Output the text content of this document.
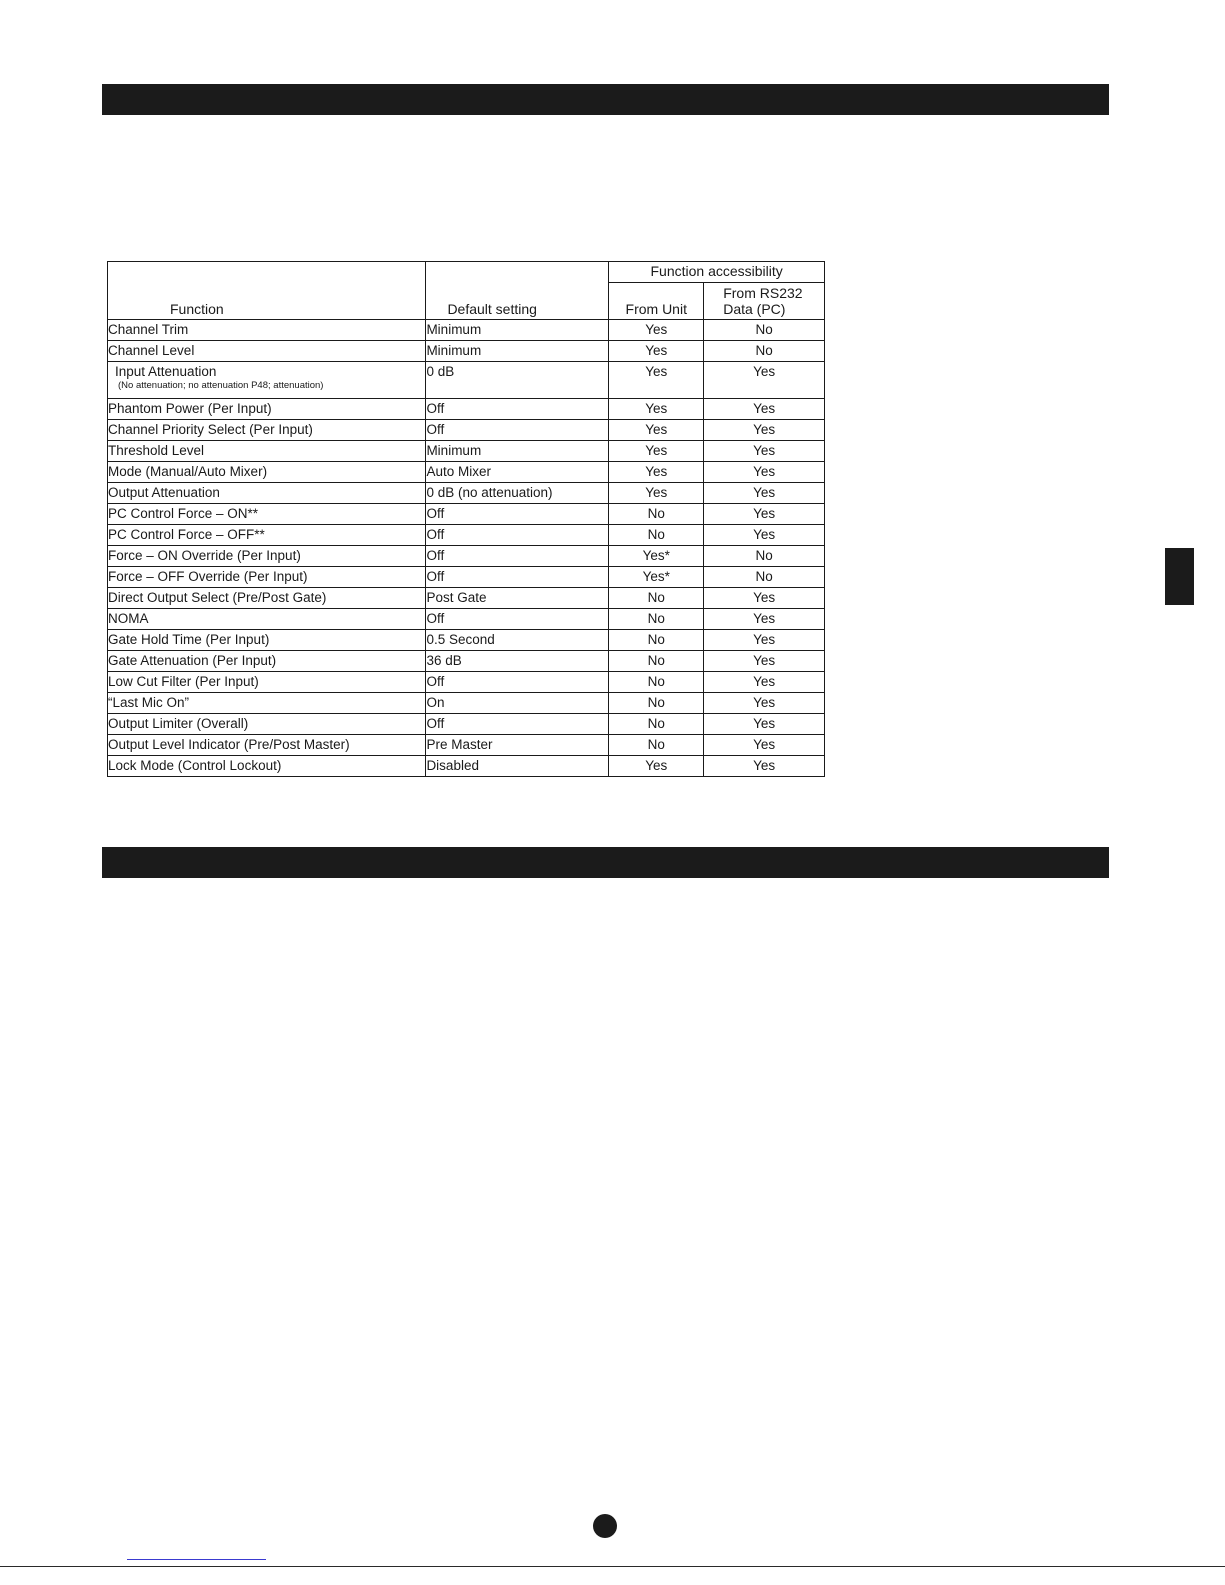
Function	Default setting	Function accessibility	
		From Unit	From RS232
Data (PC)
Channel Trim	Minimum	Yes	No
Channel Level	Minimum	Yes	No
Input Attenuation
(No attenuation; no attenuation P48; attenuation)	0 dB	Yes	Yes
Phantom Power (Per Input)	Off	Yes	Yes
Channel Priority Select (Per Input)	Off	Yes	Yes
Threshold Level	Minimum	Yes	Yes
Mode (Manual/Auto Mixer)	Auto Mixer	Yes	Yes
Output Attenuation	0 dB (no attenuation)	Yes	Yes
PC Control Force – ON**	Off	No	Yes
PC Control Force – OFF**	Off	No	Yes
Force – ON Override (Per Input)	Off	Yes*	No
Force – OFF Override (Per Input)	Off	Yes*	No
Direct Output Select (Pre/Post Gate)	Post Gate	No	Yes
NOMA	Off	No	Yes
Gate Hold Time (Per Input)	0.5 Second	No	Yes
Gate Attenuation (Per Input)	36 dB	No	Yes
Low Cut Filter (Per Input)	Off	No	Yes
“Last Mic On”	On	No	Yes
Output Limiter (Overall)	Off	No	Yes
Output Level Indicator (Pre/Post Master)	Pre Master	No	Yes
Lock Mode (Control Lockout)	Disabled	Yes	Yes
